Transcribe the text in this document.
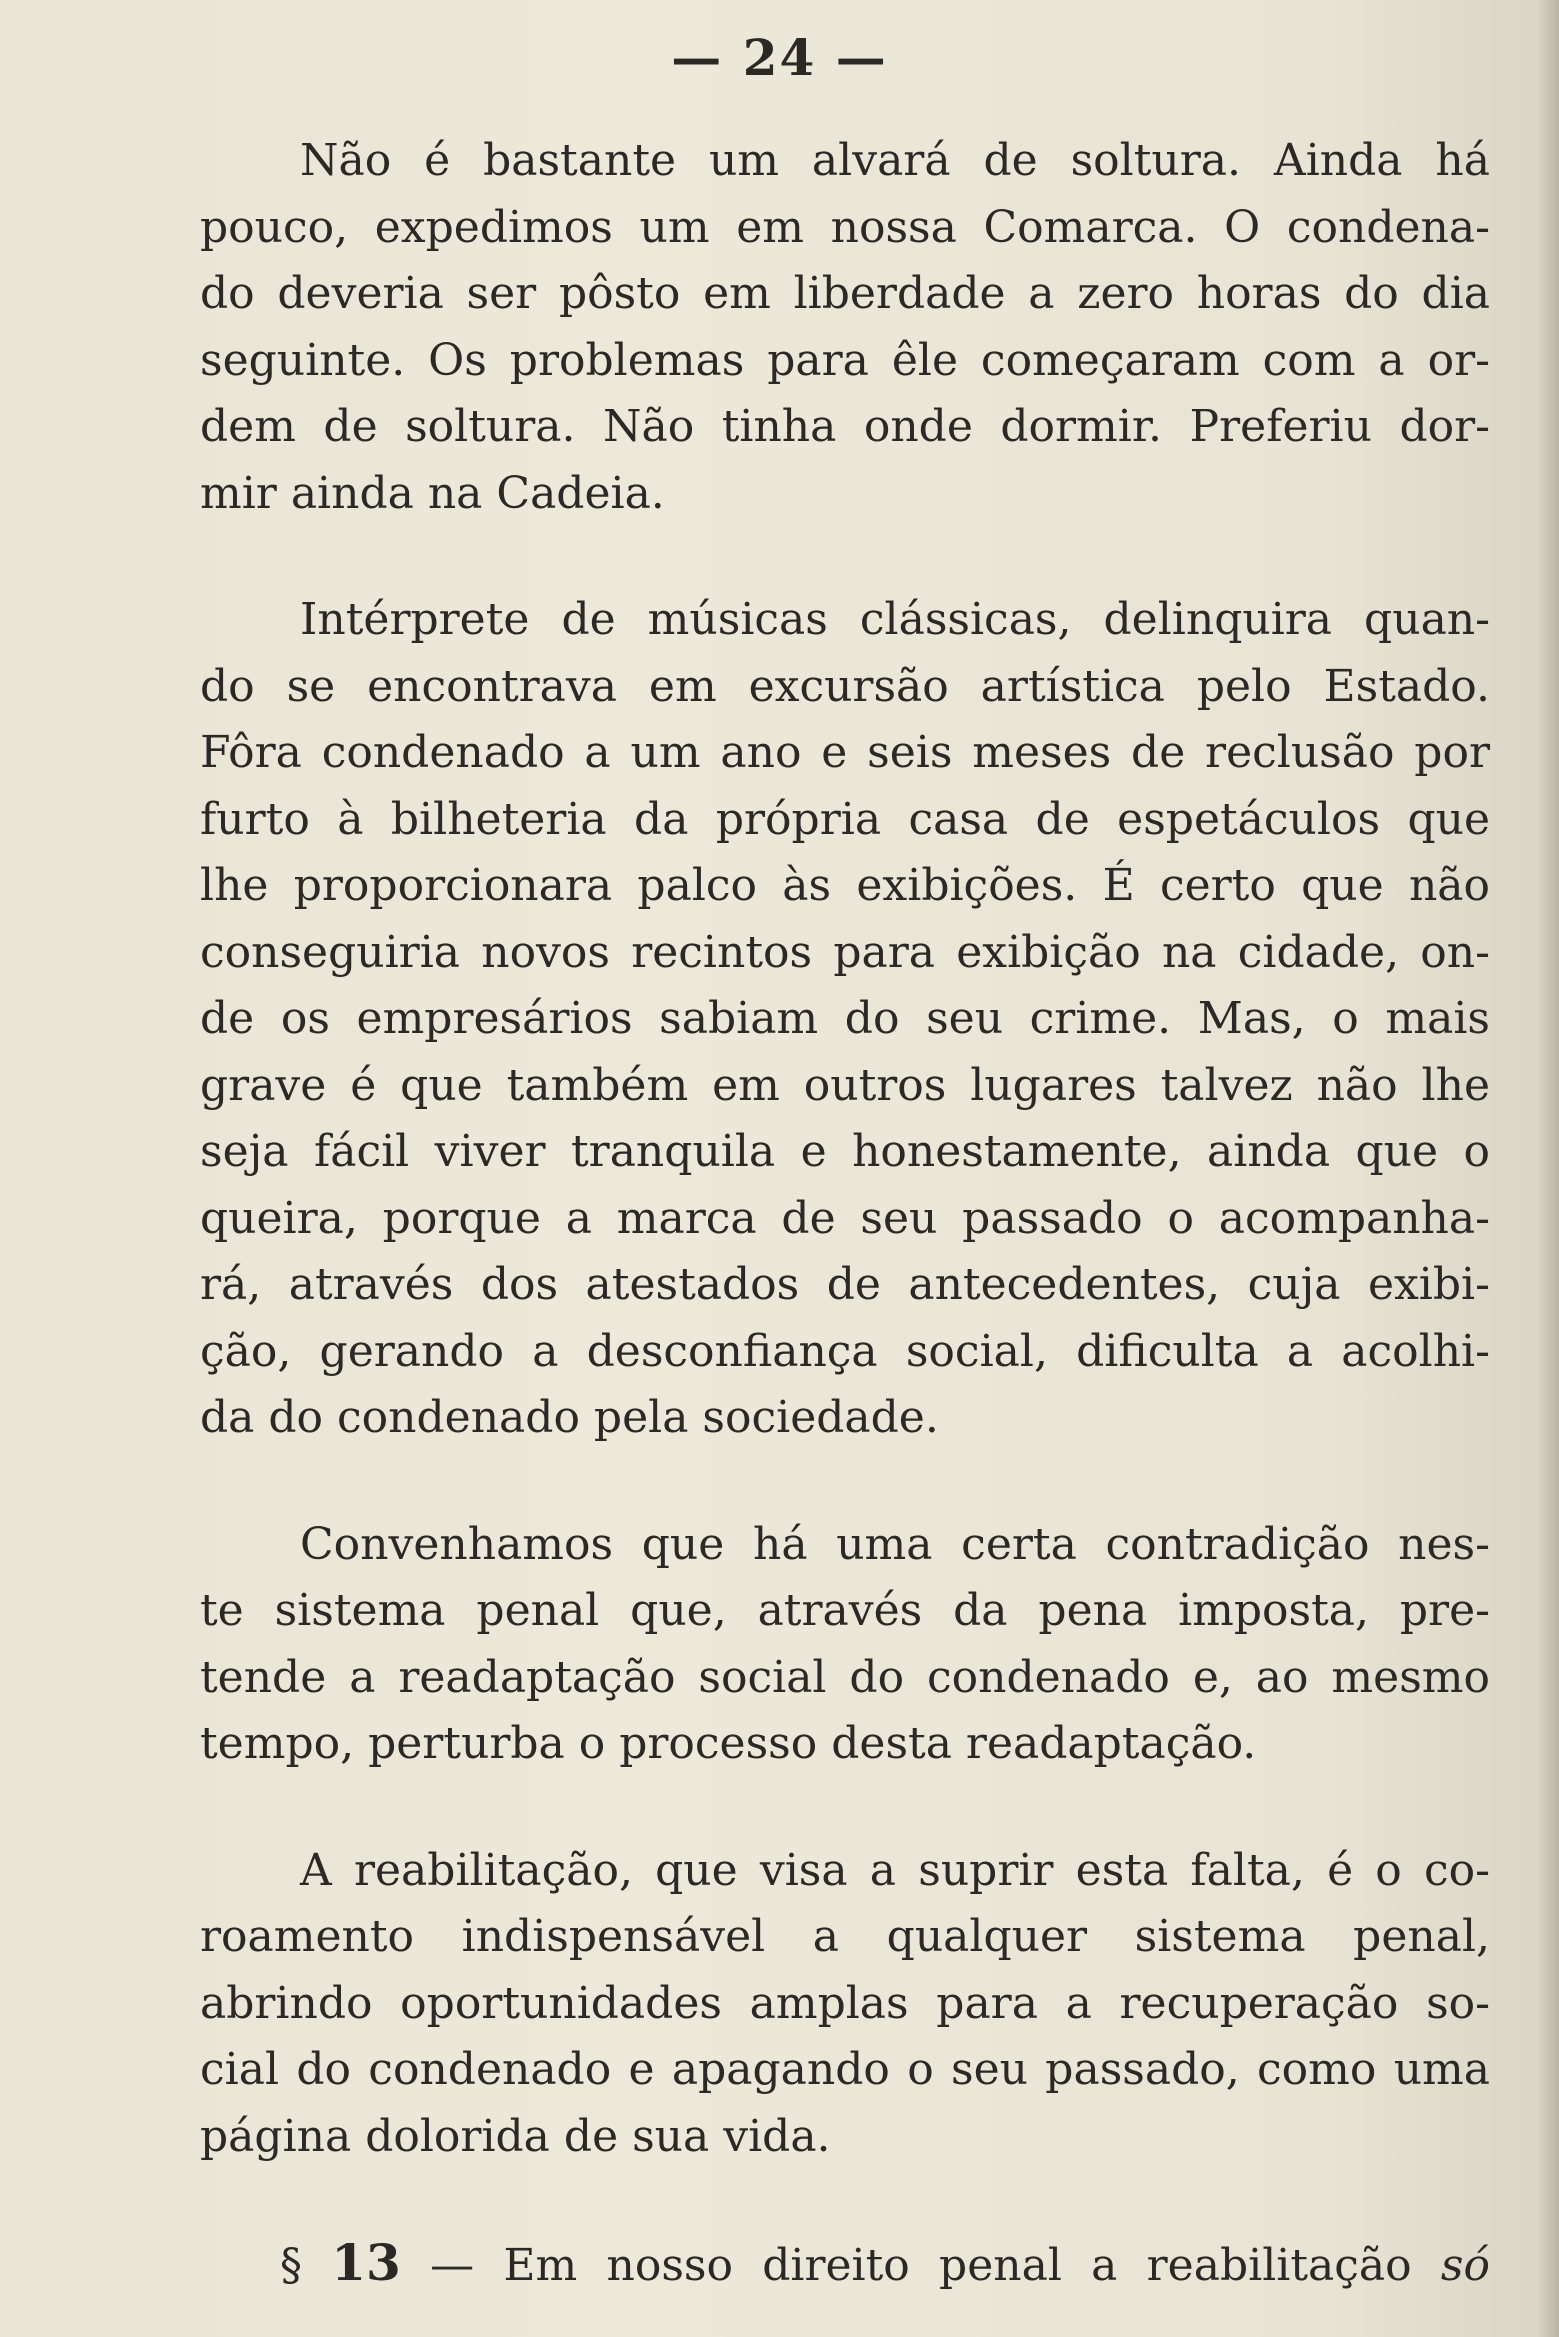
— 24 —

Não é bastante um alvará de soltura. Ainda há
pouco, expedimos um em nossa Comarca. O condena-
do deveria ser pôsto em liberdade a zero horas do dia
seguinte. Os problemas para êle começaram com a or-
dem de soltura. Não tinha onde dormir. Preferiu dor-
mir ainda na Cadeia.

Intérprete de músicas clássicas, delinquira quan-
do se encontrava em excursão artística pelo Estado.
Fôra condenado a um ano e seis meses de reclusão por
furto à bilheteria da própria casa de espetáculos que
lhe proporcionara palco às exibições. É certo que não
conseguiria novos recintos para exibição na cidade, on-
de os empresários sabiam do seu crime. Mas, o mais
grave é que também em outros lugares talvez não lhe
seja fácil viver tranquila e honestamente, ainda que o
queira, porque a marca de seu passado o acompanha-
rá, através dos atestados de antecedentes, cuja exibi-
ção, gerando a desconfiança social, dificulta a acolhi-
da do condenado pela sociedade.

Convenhamos que há uma certa contradição nes-
te sistema penal que, através da pena imposta, pre-
tende a readaptação social do condenado e, ao mesmo
tempo, perturba o processo desta readaptação.

A reabilitação, que visa a suprir esta falta, é o co-
roamento indispensável a qualquer sistema penal,
abrindo oportunidades amplas para a recuperação so-
cial do condenado e apagando o seu passado, como uma
página dolorida de sua vida.

§ 13 — Em nosso direito penal a reabilitação só
